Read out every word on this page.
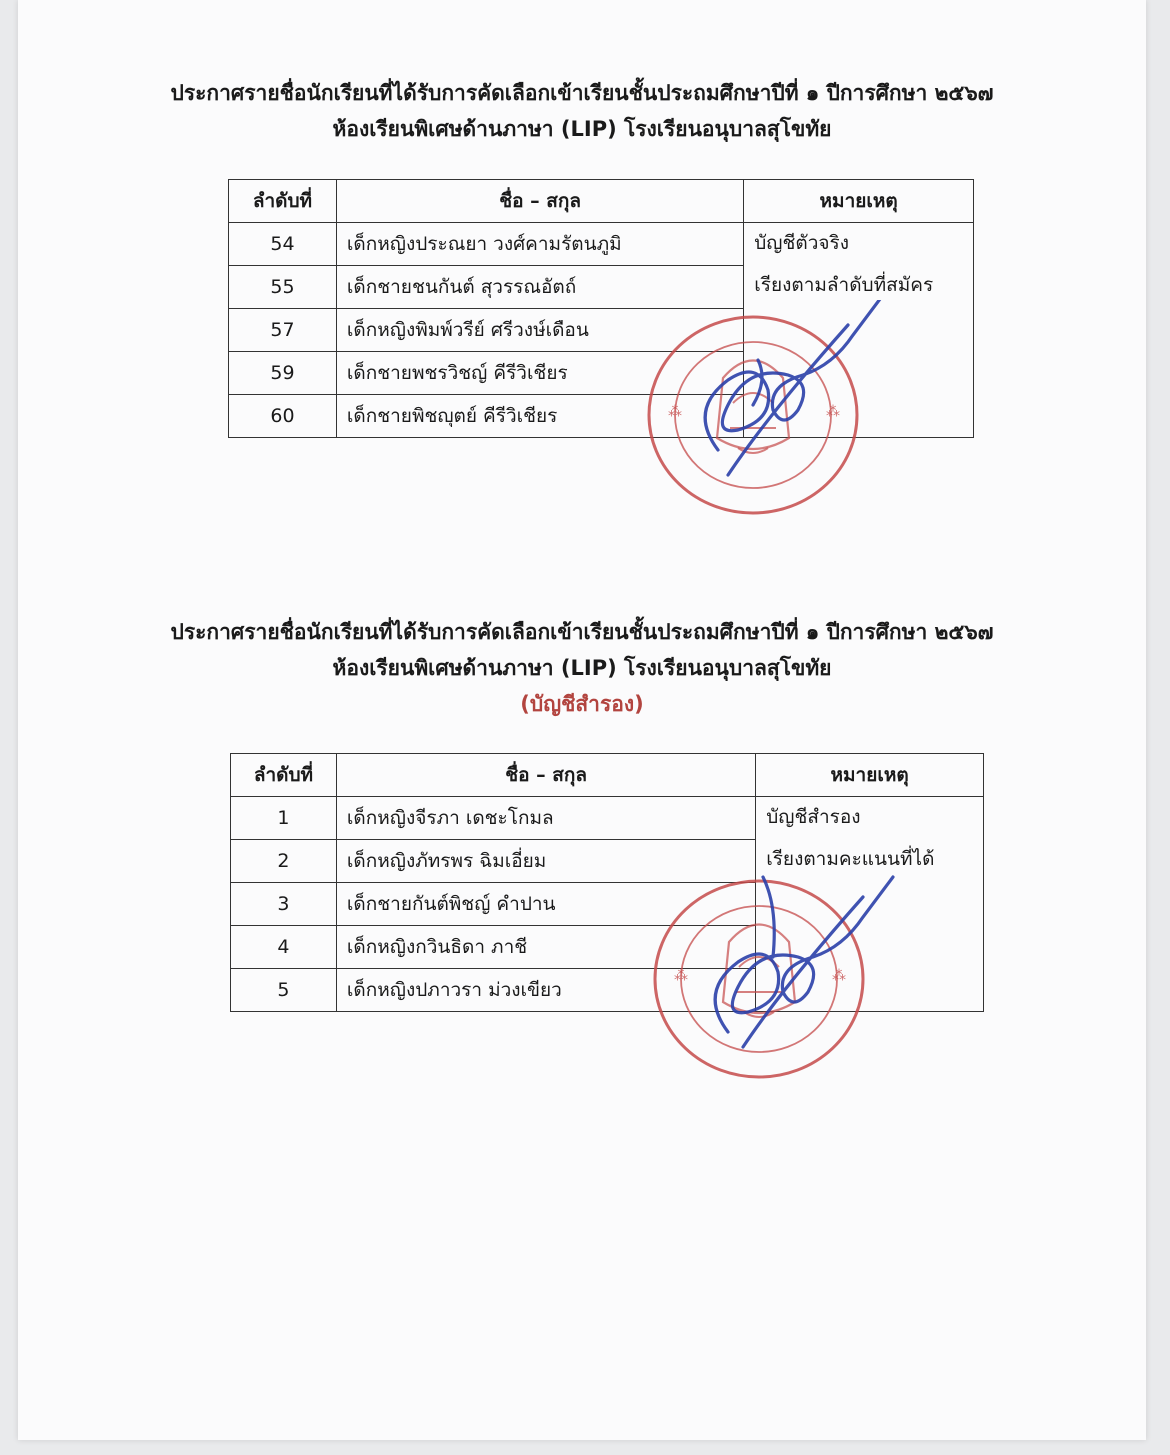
ประกาศรายชื่อนักเรียนที่ได้รับการคัดเลือกเข้าเรียนชั้นประถมศึกษาปีที่ ๑ ปีการศึกษา ๒๕๖๗
ห้องเรียนพิเศษด้านภาษา (LIP) โรงเรียนอนุบาลสุโขทัย
ลำดับที่	ชื่อ – สกุล	หมายเหตุ
54	เด็กหญิงประณยา วงศ์คามรัตนภูมิ	บัญชีตัวจริง
เรียงตามลำดับที่สมัคร

55	เด็กชายชนกันต์ สุวรรณอัตถ์	
57	เด็กหญิงพิมพ์วรีย์ ศรีวงษ์เดือน	
59	เด็กชายพชรวิชญ์ คีรีวิเชียร	
60	เด็กชายพิชญุตย์ คีรีวิเชียร		⁂	⁂
ประกาศรายชื่อนักเรียนที่ได้รับการคัดเลือกเข้าเรียนชั้นประถมศึกษาปีที่ ๑ ปีการศึกษา ๒๕๖๗
ห้องเรียนพิเศษด้านภาษา (LIP) โรงเรียนอนุบาลสุโขทัย
(บัญชีสำรอง)
ลำดับที่	ชื่อ – สกุล	หมายเหตุ
1	เด็กหญิงจีรภา เดชะโกมล	บัญชีสำรอง
เรียงตามคะแนนที่ได้

2	เด็กหญิงภัทรพร ฉิมเอี่ยม	
3	เด็กชายกันต์พิชญ์ คำปาน	
4	เด็กหญิงกวินธิดา ภาชี	
5	เด็กหญิงปภาวรา ม่วงเขียว	
⁂	⁂
